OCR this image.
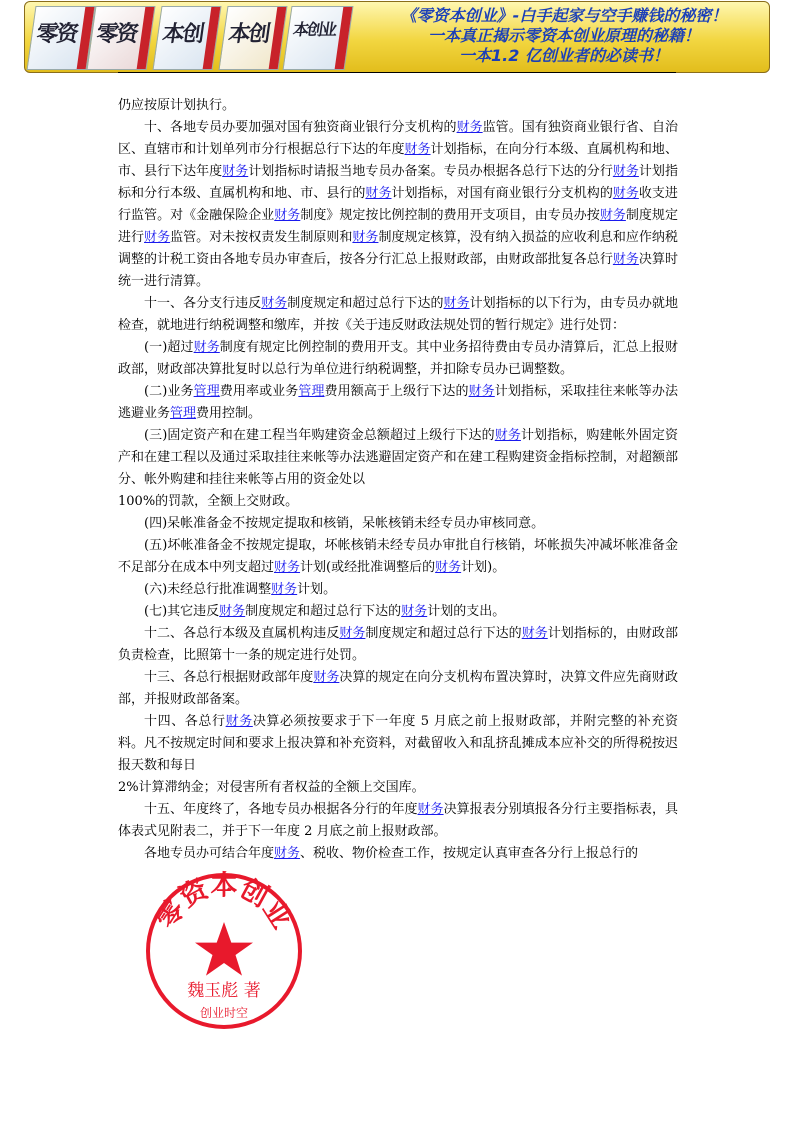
零资 零资 本创 本创 本创业
《零资本创业》-白手起家与空手赚钱的秘密！
一本真正揭示零资本创业原理的秘籍！
一本1.2 亿创业者的必读书！

仍应按原计划执行。

十、各地专员办要加强对国有独资商业银行分支机构的财务监管。国有独资商业银行省、自治区、直辖市和计划单列市分行根据总行下达的年度财务计划指标，在向分行本级、直属机构和地、市、县行下达年度财务计划指标时请报当地专员办备案。专员办根据各总行下达的分行财务计划指标和分行本级、直属机构和地、市、县行的财务计划指标，对国有商业银行分支机构的财务收支进行监管。对《金融保险企业财务制度》规定按比例控制的费用开支项目，由专员办按财务制度规定进行财务监管。对未按权责发生制原则和财务制度规定核算，没有纳入损益的应收利息和应作纳税调整的计税工资由各地专员办审查后，按各分行汇总上报财政部，由财政部批复各总行财务决算时统一进行清算。

十一、各分支行违反财务制度规定和超过总行下达的财务计划指标的以下行为，由专员办就地检查，就地进行纳税调整和缴库，并按《关于违反财政法规处罚的暂行规定》进行处罚：

(一)超过财务制度有规定比例控制的费用开支。其中业务招待费由专员办清算后，汇总上报财政部，财政部决算批复时以总行为单位进行纳税调整，并扣除专员办已调整数。

(二)业务管理费用率或业务管理费用额高于上级行下达的财务计划指标，采取挂往来帐等办法逃避业务管理费用控制。

(三)固定资产和在建工程当年购建资金总额超过上级行下达的财务计划指标，购建帐外固定资产和在建工程以及通过采取挂往来帐等办法逃避固定资产和在建工程购建资金指标控制，对超额部分、帐外购建和挂往来帐等占用的资金处以

100%的罚款，全额上交财政。

(四)呆帐准备金不按规定提取和核销，呆帐核销未经专员办审核同意。

(五)坏帐准备金不按规定提取，坏帐核销未经专员办审批自行核销，坏帐损失冲减坏帐准备金不足部分在成本中列支超过财务计划(或经批准调整后的财务计划)。

(六)未经总行批准调整财务计划。

(七)其它违反财务制度规定和超过总行下达的财务计划的支出。

十二、各总行本级及直属机构违反财务制度规定和超过总行下达的财务计划指标的，由财政部负责检查，比照第十一条的规定进行处罚。

十三、各总行根据财政部年度财务决算的规定在向分支机构布置决算时，决算文件应先商财政部，并报财政部备案。

十四、各总行财务决算必须按要求于下一年度 5 月底之前上报财政部，并附完整的补充资料。凡不按规定时间和要求上报决算和补充资料，对截留收入和乱挤乱摊成本应补交的所得税按迟报天数和每日

2%计算滞纳金；对侵害所有者权益的全额上交国库。

十五、年度终了，各地专员办根据各分行的年度财务决算报表分别填报各分行主要指标表，具体表式见附表二，并于下一年度 2 月底之前上报财政部。

各地专员办可结合年度财务、税收、物价检查工作，按规定认真审查各分行上报总行的

零资本创业
魏玉彪 著
创业时空
